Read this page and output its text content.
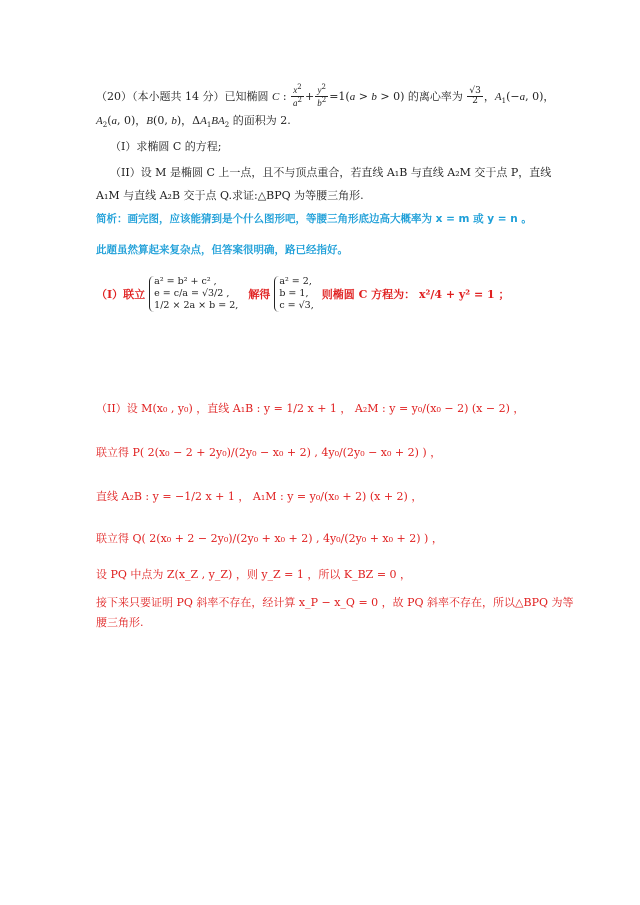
（20）（本小题共 14 分）已知椭圆 C : $\frac{x^2}{a^2} + \frac{y^2}{b^2} =1(a > b > 0)$ 的离心率为 $\frac{√3}{2}$ ，$A_1(-a$, 0)，
$A_2(a$, 0)，B(0, b)，$\Delta A_1BA_2$ 的面积为 2.
（I）求椭圆 C 的方程;
（II）设 M 是椭圆 C 上一点，且不与顶点重合，若直线 A₁B 与直线 A₂M 交于点 P，直线
A₁M 与直线 A₂B 交于点 Q.求证:△BPQ 为等腰三角形.
简析：画完图，应该能猜到是个什么图形吧，等腰三角形底边高大概率为 x = m 或 y = n 。
此题虽然算起来复杂点，但答案很明确，路已经指好。
（I）联立
a² = b² + c² ,
e = c/a = √3/2 ,
1/2 × 2a × b = 2,
解得
a² = 2,
b = 1,
c = √3,
则椭圆 C 方程为： x²/4 + y² = 1 ；
（II）设 M(x₀ , y₀) ，直线 A₁B : y = 1/2 x + 1 ， A₂M : y = y₀/(x₀ − 2) (x − 2) ，
联立得 P( 2(x₀ − 2 + 2y₀)/(2y₀ − x₀ + 2) , 4y₀/(2y₀ − x₀ + 2) ) ，
直线 A₂B : y = −1/2 x + 1 ， A₁M : y = y₀/(x₀ + 2) (x + 2) ，
联立得 Q( 2(x₀ + 2 − 2y₀)/(2y₀ + x₀ + 2) , 4y₀/(2y₀ + x₀ + 2) ) ，
设 PQ 中点为 Z(x_Z , y_Z) ，则 y_Z = 1 ，所以 K_BZ = 0 ，
接下来只要证明 PQ 斜率不存在，经计算 x_P − x_Q = 0 ，故 PQ 斜率不存在，所以△BPQ 为等
腰三角形.
